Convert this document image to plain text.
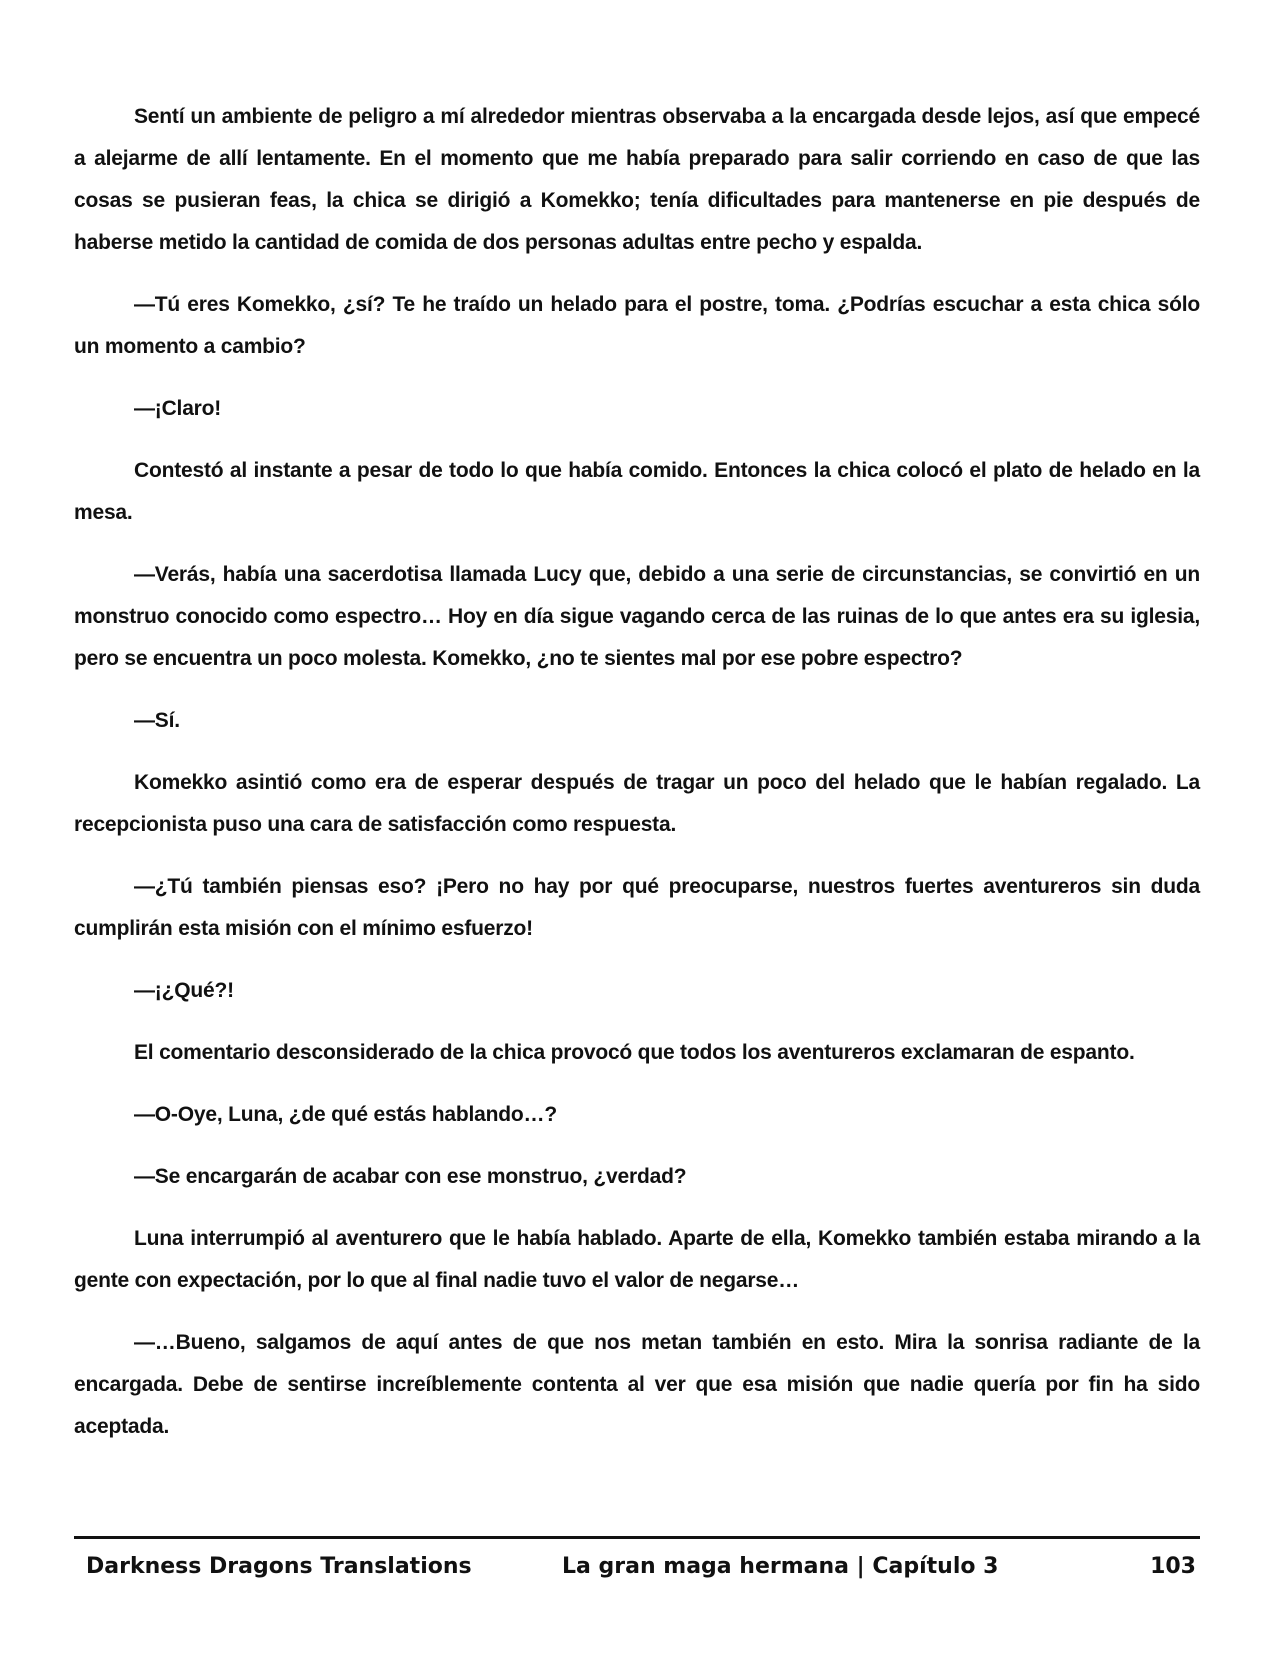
Sentí un ambiente de peligro a mí alrededor mientras observaba a la encargada desde lejos, así que empecé a alejarme de allí lentamente. En el momento que me había preparado para salir corriendo en caso de que las cosas se pusieran feas, la chica se dirigió a Komekko; tenía dificultades para mantenerse en pie después de haberse metido la cantidad de comida de dos personas adultas entre pecho y espalda.

—Tú eres Komekko, ¿sí? Te he traído un helado para el postre, toma. ¿Podrías escuchar a esta chica sólo un momento a cambio?

—¡Claro!

Contestó al instante a pesar de todo lo que había comido. Entonces la chica colocó el plato de helado en la mesa.

—Verás, había una sacerdotisa llamada Lucy que, debido a una serie de circunstancias, se convirtió en un monstruo conocido como espectro… Hoy en día sigue vagando cerca de las ruinas de lo que antes era su iglesia, pero se encuentra un poco molesta. Komekko, ¿no te sientes mal por ese pobre espectro?

—Sí.

Komekko asintió como era de esperar después de tragar un poco del helado que le habían regalado. La recepcionista puso una cara de satisfacción como respuesta.

—¿Tú también piensas eso? ¡Pero no hay por qué preocuparse, nuestros fuertes aventureros sin duda cumplirán esta misión con el mínimo esfuerzo!

—¡¿Qué?!

El comentario desconsiderado de la chica provocó que todos los aventureros exclamaran de espanto.

—O-Oye, Luna, ¿de qué estás hablando…?

—Se encargarán de acabar con ese monstruo, ¿verdad?

Luna interrumpió al aventurero que le había hablado. Aparte de ella, Komekko también estaba mirando a la gente con expectación, por lo que al final nadie tuvo el valor de negarse…

—…Bueno, salgamos de aquí antes de que nos metan también en esto. Mira la sonrisa radiante de la encargada. Debe de sentirse increíblemente contenta al ver que esa misión que nadie quería por fin ha sido aceptada.

Darkness Dragons Translations	La gran maga hermana | Capítulo 3	103
